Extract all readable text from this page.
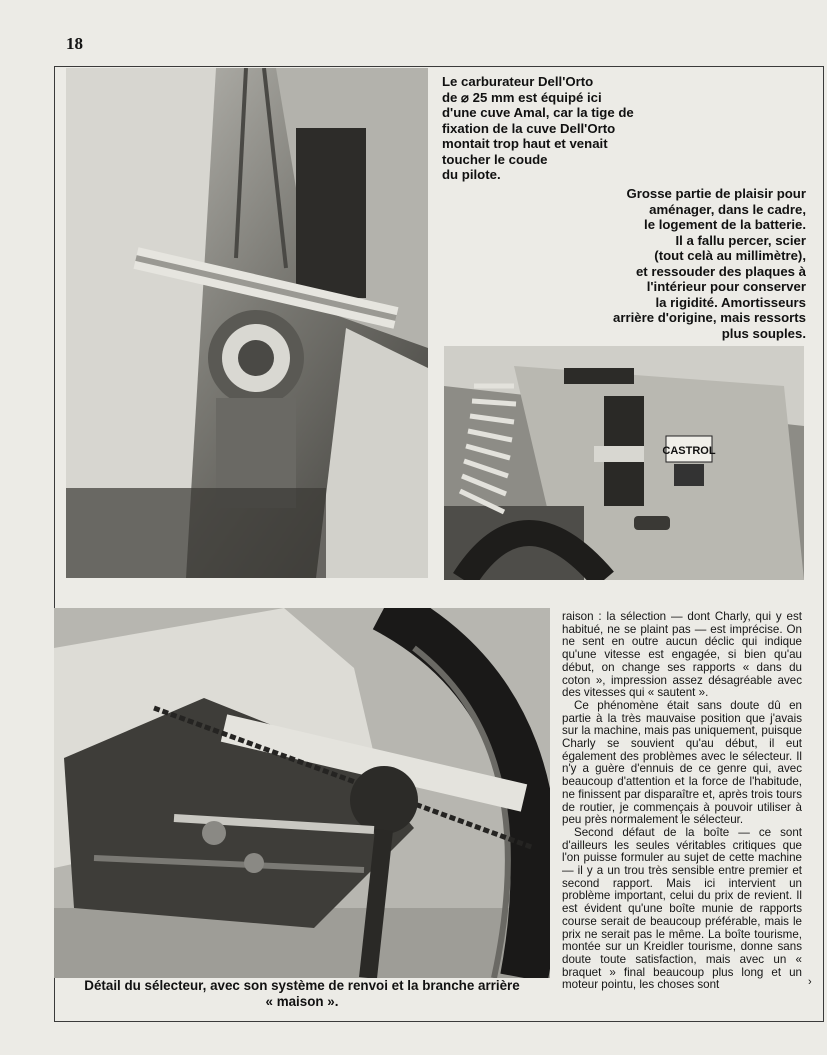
18
CASTROL

Le carburateur Dell'Orto

de ⌀ 25 mm est équipé ici

d'une cuve Amal, car la tige de

fixation de la cuve Dell'Orto

montait trop haut et venait

toucher le coude

du pilote.

Grosse partie de plaisir pour

aménager, dans le cadre,

le logement de la batterie.

Il a fallu percer, scier

(tout celà au millimètre),

et ressouder des plaques à

l'intérieur pour conserver

la rigidité. Amortisseurs

arrière d'origine, mais ressorts

plus souples.

Détail du sélecteur, avec son système de renvoi et la branche arrière

« maison ».

raison : la sélection — dont Charly, qui y est habitué, ne se plaint pas — est imprécise. On ne sent en outre aucun déclic qui indique qu'une vitesse est engagée, si bien qu'au début, on change ses rapports « dans du coton », impression assez désagréable avec des vitesses qui « sautent ».

Ce phénomène était sans doute dû en partie à la très mauvaise position que j'avais sur la machine, mais pas uniquement, puisque Charly se souvient qu'au début, il eut également des problèmes avec le sélecteur. Il n'y a guère d'ennuis de ce genre qui, avec beaucoup d'attention et la force de l'habitude, ne finissent par disparaître et, après trois tours de routier, je commençais à pouvoir utiliser à peu près normalement le sélecteur.

Second défaut de la boîte — ce sont d'ailleurs les seules véritables critiques que l'on puisse formuler au sujet de cette machine — il y a un trou très sensible entre premier et second rapport. Mais ici intervient un problème important, celui du prix de revient. Il est évident qu'une boîte munie de rapports course serait de beaucoup préférable, mais le prix ne serait pas le même. La boîte tourisme, montée sur un Kreidler tourisme, donne sans doute toute satisfaction, mais avec un « braquet » final beaucoup plus long et un moteur pointu, les choses sont	›
